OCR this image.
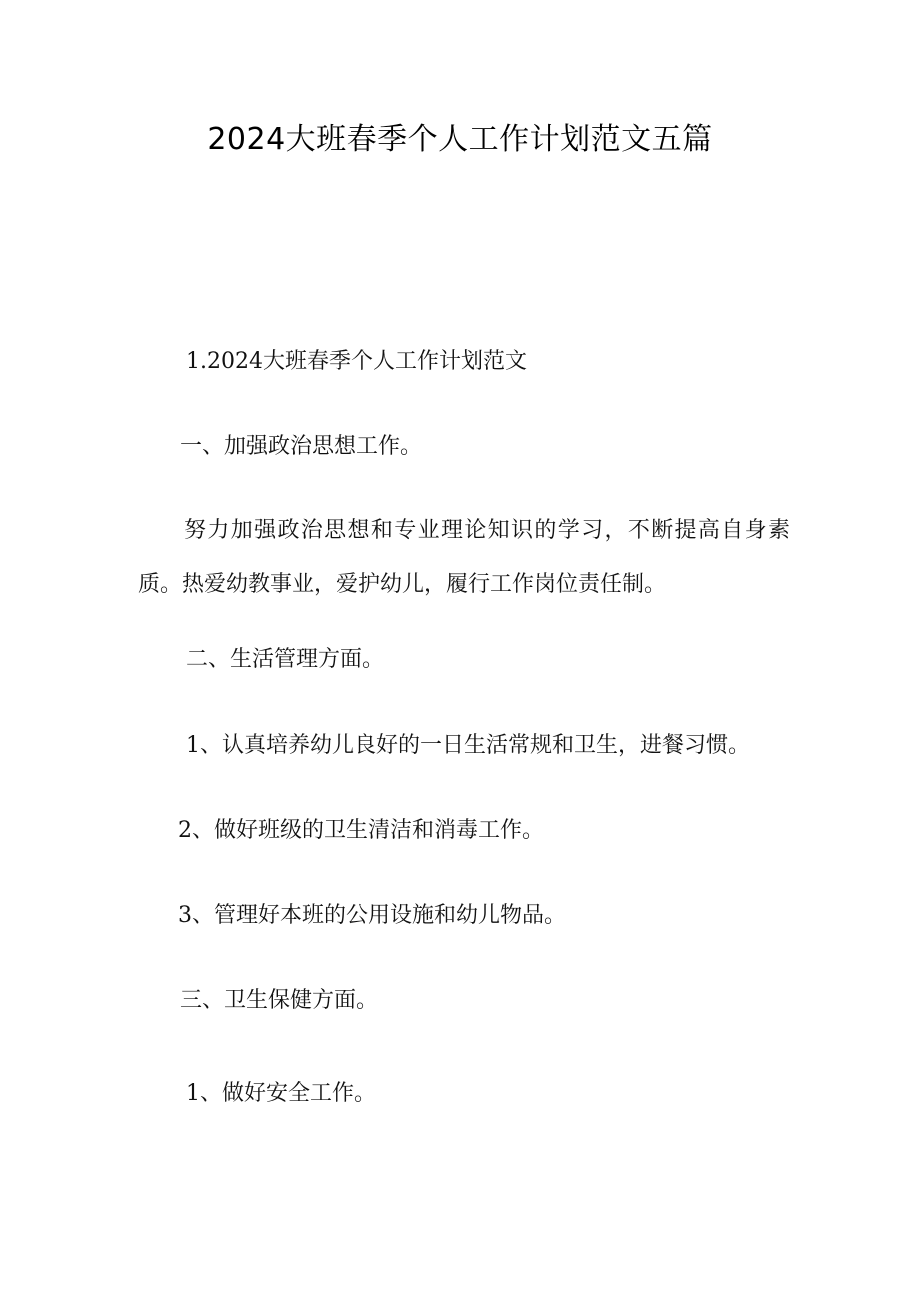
2024大班春季个人工作计划范文五篇
1.2024大班春季个人工作计划范文
一、加强政治思想工作。
努力加强政治思想和专业理论知识的学习，不断提高自身素质。热爱幼教事业，爱护幼儿，履行工作岗位责任制。
二、生活管理方面。
1、认真培养幼儿良好的一日生活常规和卫生，进餐习惯。
2、做好班级的卫生清洁和消毒工作。
3、管理好本班的公用设施和幼儿物品。
三、卫生保健方面。
1、做好安全工作。
